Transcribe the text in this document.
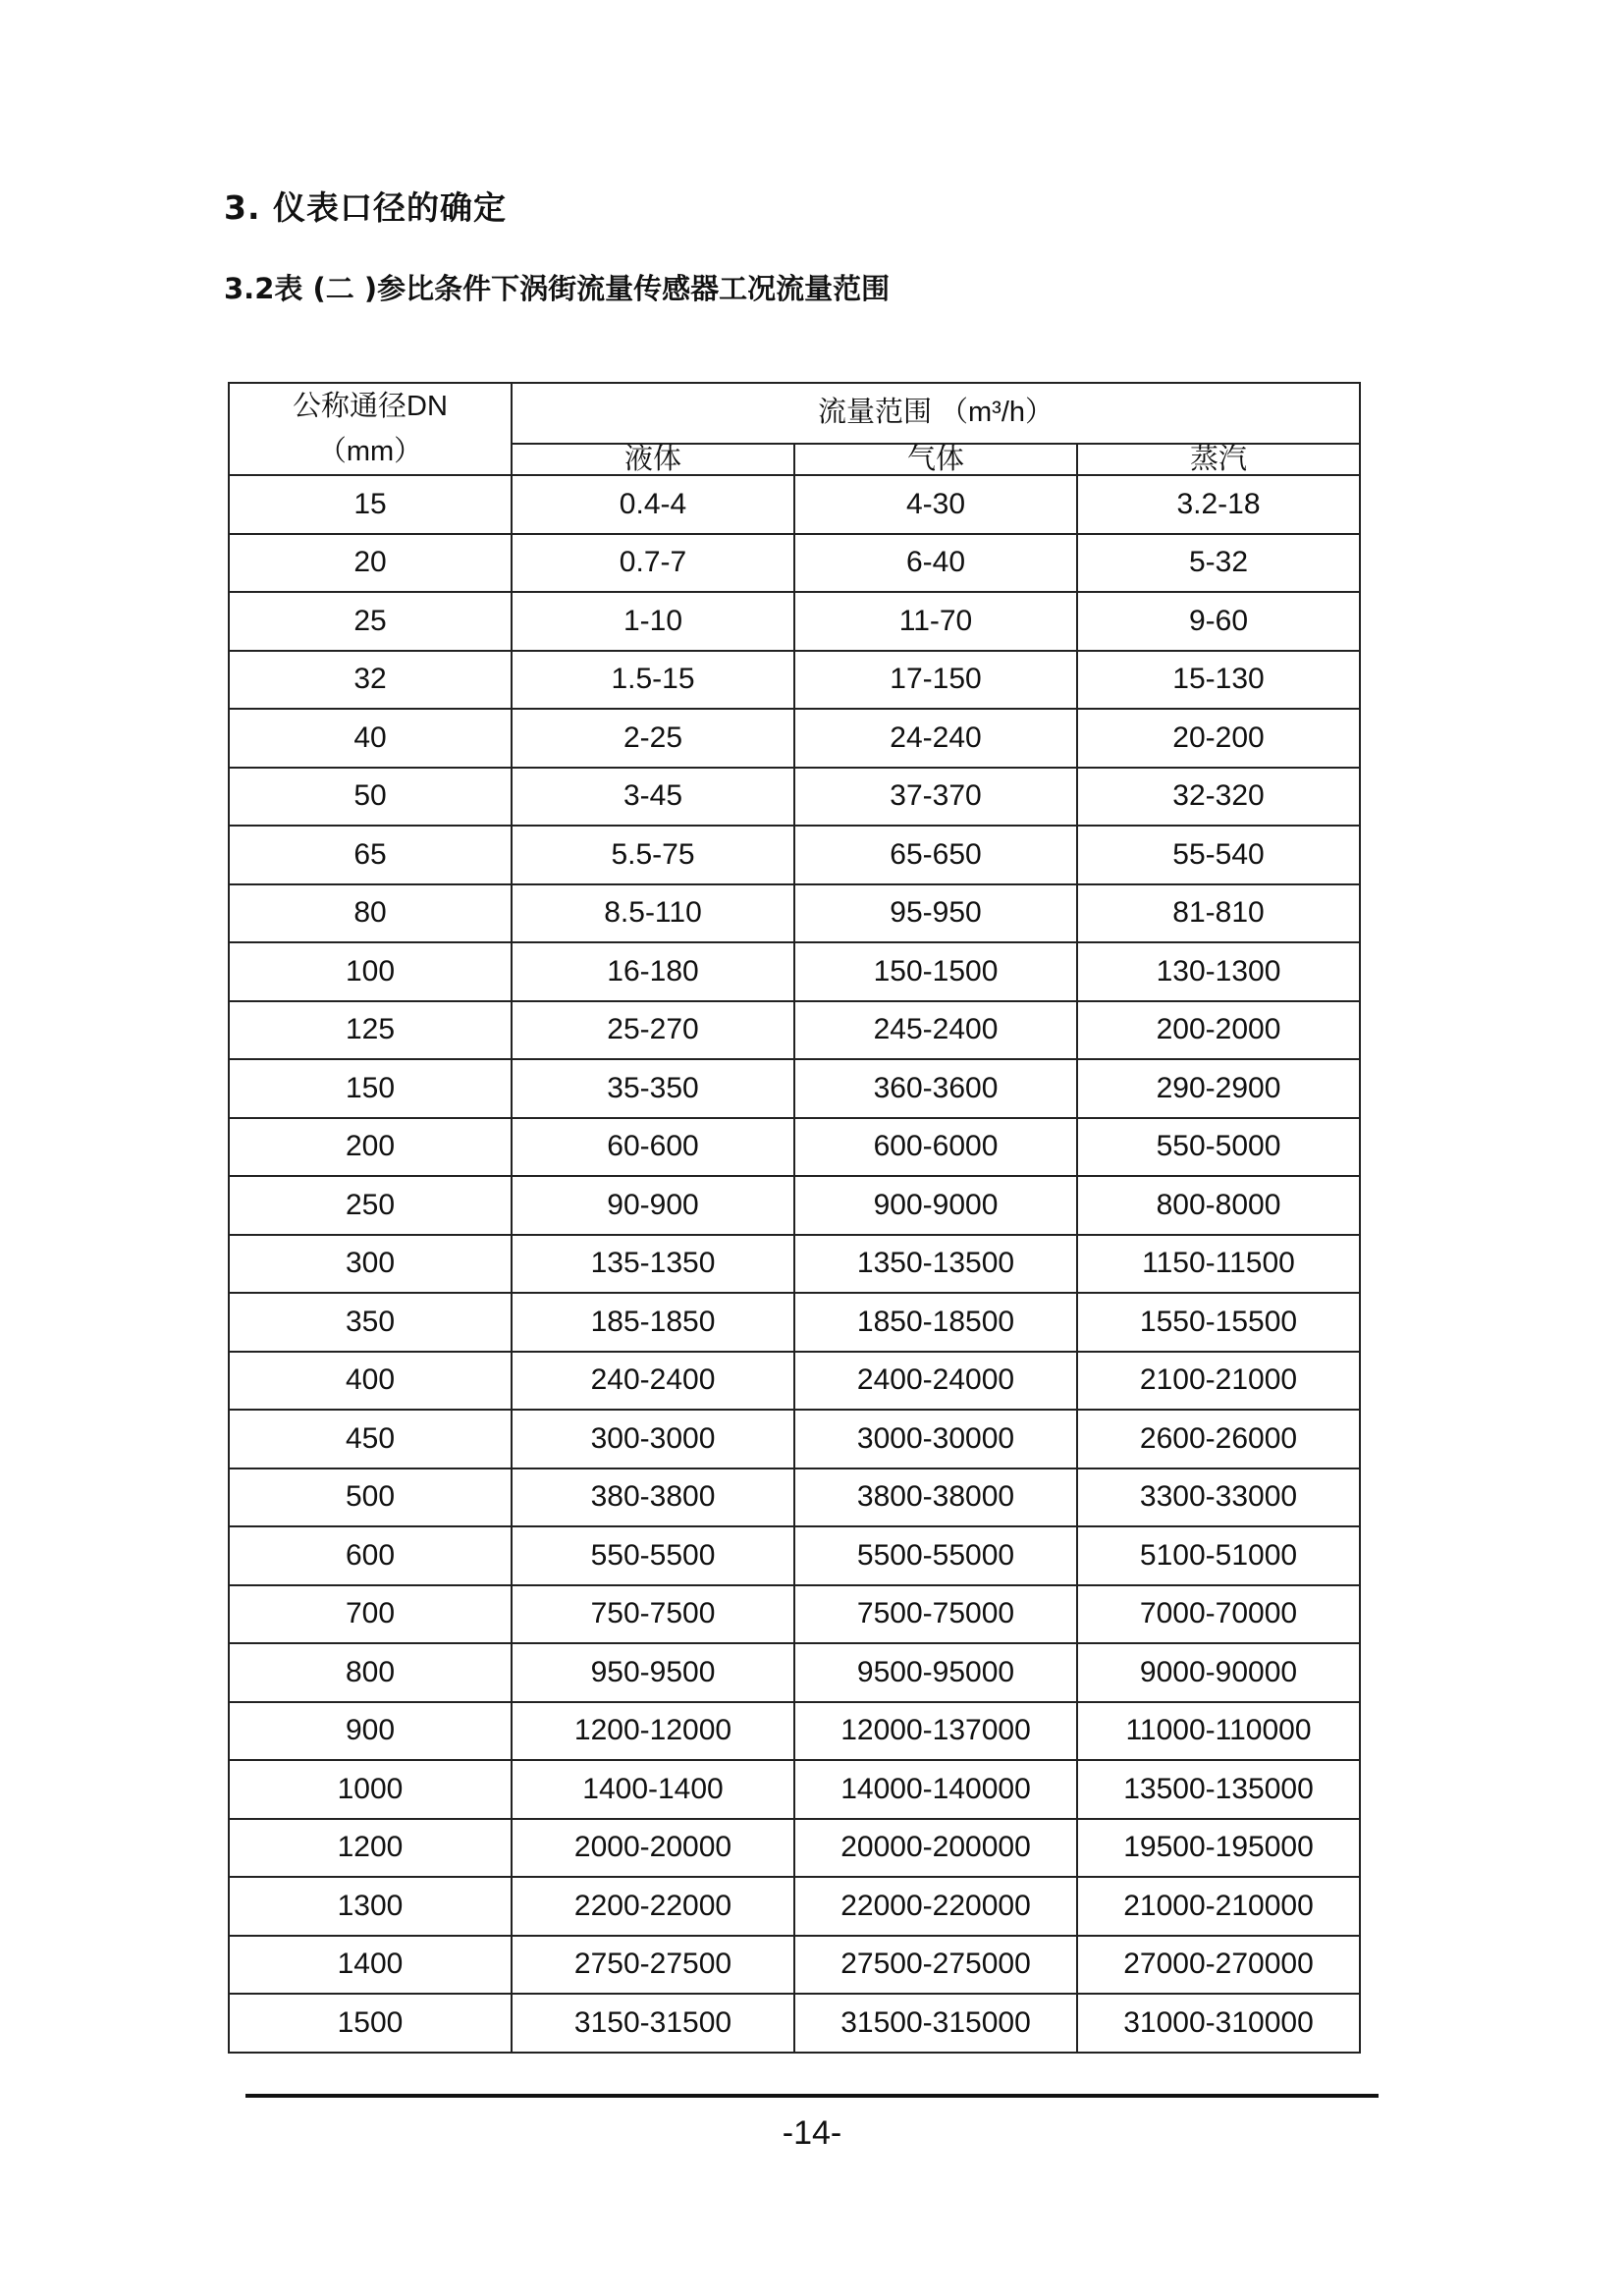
3. 仪表口径的确定
3.2表 (二 )参比条件下涡街流量传感器工况流量范围
公称通径DN
（mm）	流量范围 （m³/h）		
	液体	气体	蒸汽
15	0.4-4	4-30	3.2-18
20	0.7-7	6-40	5-32
25	1-10	11-70	9-60
32	1.5-15	17-150	15-130
40	2-25	24-240	20-200
50	3-45	37-370	32-320
65	5.5-75	65-650	55-540
80	8.5-110	95-950	81-810
100	16-180	150-1500	130-1300
125	25-270	245-2400	200-2000
150	35-350	360-3600	290-2900
200	60-600	600-6000	550-5000
250	90-900	900-9000	800-8000
300	135-1350	1350-13500	1150-11500
350	185-1850	1850-18500	1550-15500
400	240-2400	2400-24000	2100-21000
450	300-3000	3000-30000	2600-26000
500	380-3800	3800-38000	3300-33000
600	550-5500	5500-55000	5100-51000
700	750-7500	7500-75000	7000-70000
800	950-9500	9500-95000	9000-90000
900	1200-12000	12000-137000	11000-110000
1000	1400-1400	14000-140000	13500-135000
1200	2000-20000	20000-200000	19500-195000
1300	2200-22000	22000-220000	21000-210000
1400	2750-27500	27500-275000	27000-270000
1500	3150-31500	31500-315000	31000-310000
-14-
